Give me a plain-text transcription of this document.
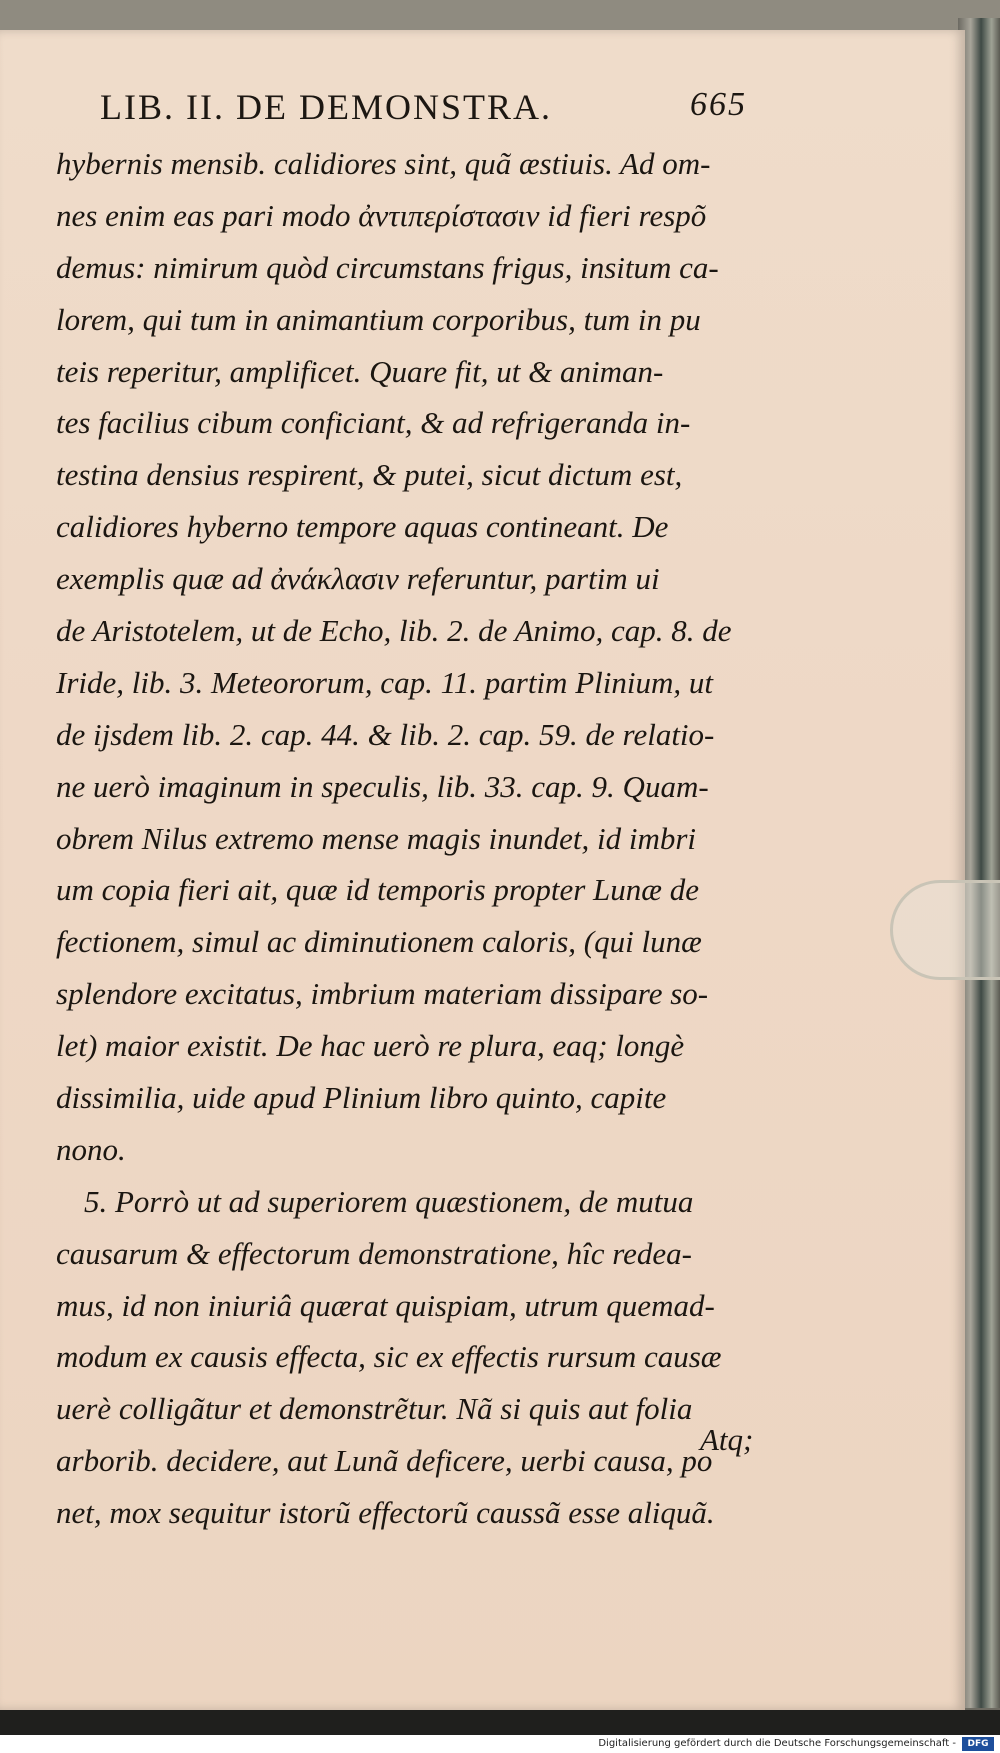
LIB. II. DE DEMONSTRA.	665
hybernis mensib. calidiores sint, quã æstiuis. Ad om-
nes enim eas pari modo ἀντιπερίστασιν id fieri respõ
demus: nimirum quòd circumstans frigus, insitum ca-
lorem, qui tum in animantium corporibus, tum in pu
teis reperitur, amplificet. Quare fit, ut & animan-
tes facilius cibum conficiant, & ad refrigeranda in-
testina densius respirent, & putei, sicut dictum est,
calidiores hyberno tempore aquas contineant. De
exemplis quæ ad ἀνάκλασιν referuntur, partim ui
de Aristotelem, ut de Echo, lib. 2. de Animo, cap. 8. de
Iride, lib. 3. Meteororum, cap. 11. partim Plinium, ut
de ijsdem lib. 2. cap. 44. & lib. 2. cap. 59. de relatio-
ne uerò imaginum in speculis, lib. 33. cap. 9. Quam-
obrem Nilus extremo mense magis inundet, id imbri
um copia fieri ait, quæ id temporis propter Lunæ de
fectionem, simul ac diminutionem caloris, (qui lunæ
splendore excitatus, imbrium materiam dissipare so-
let) maior existit. De hac uerò re plura, eaq; longè
dissimilia, uide apud Plinium libro quinto, capite
nono.
5. Porrò ut ad superiorem quæstionem, de mutua
causarum & effectorum demonstratione, hîc redea-
mus, id non iniuriâ quærat quispiam, utrum quemad-
modum ex causis effecta, sic ex effectis rursum causæ
uerè colligãtur et demonstrẽtur. Nã si quis aut folia
arborib. decidere, aut Lunã deficere, uerbi causa, po
net, mox sequitur istorũ effectorũ caussã esse aliquã.
Atq;
Digitalisierung gefördert durch die Deutsche Forschungsgemeinschaft -	DFG
